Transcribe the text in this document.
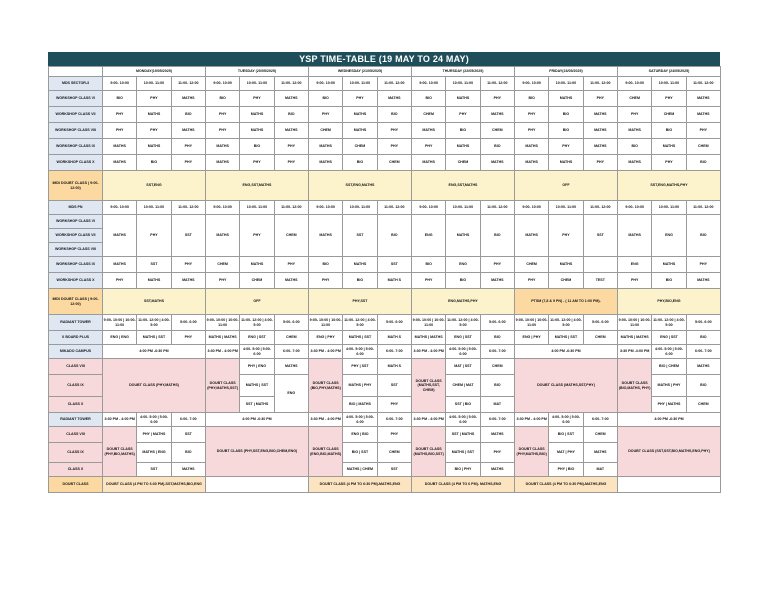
YSP TIME-TABLE (19 MAY TO 24 MAY)
	MONDAY(19/05/2025)			TUESDAY (20/05/2025)			WEDNESDAY (21/05/2025)			THURSDAY (22/05/2025)			FRIDAY(23/05/2025)			SATURDAY (24/05/2025)		
MDS SECTOR-3	9:00- 10:00	10:00- 11:00	11:00- 12:00	9:00- 10:00	10:00- 11:00	11:00- 12:00	9:00- 10:00	10:00- 11:00	11:00- 12:00	9:00- 10:00	10:00- 11:00	11:00- 12:00	9:00- 10:00	10:00- 11:00	11:00- 12:00	9:00- 10:00	10:00- 11:00	11:00- 12:00
WORKSHOP CLASS VI	BIO	PHY	MATHS	BIO	PHY	MATHS	BIO	PHY	MATHS	BIO	MATHS	PHY	BIO	MATHS	PHY	CHEM	PHY	MATHS
WORKSHOP CLASS VII	PHY	MATHS	BIO	PHY	MATHS	BIO	PHY	MATHS	BIO	CHEM	PHY	MATHS	PHY	BIO	MATHS	PHY	CHEM	MATHS
WORKSHOP CLASS VIII	PHY	PHY	MATHS	PHY	MATHS	MATHS	CHEM	MATHS	PHY	MATHS	BIO	CHEM	PHY	BIO	MATHS	MATHS	BIO	PHY
WORKSHOP CLASS IX	MATHS	MATHS	PHY	MATHS	BIO	PHY	MATHS	CHEM	PHY	PHY	MATHS	BIO	MATHS	PHY	MATHS	BIO	MATHS	CHEM
WORKSHOP CLASS X	MATHS	BIO	PHY	MATHS	PHY	PHY	MATHS	BIO	CHEM	MATHS	CHEM	MATHS	MATHS	MATHS	PHY	MATHS	PHY	BIO
IMDI DOUBT CLASS ( 9:00- 12:00)	SST,ENG			ENG,SST,MATHS			SST,ENG,MATHS			ENG,SST,MATHS			OFF			SST,ENG,MATHS,PHY		
MDS PN	9:00- 10:00	10:00- 11:00	11:00- 12:00	9:00- 10:00	10:00- 11:00	11:00- 12:00	9:00- 10:00	10:00- 11:00	11:00- 12:00	9:00- 10:00	10:00- 11:00	11:00- 12:00	9:00- 10:00	10:00- 11:00	11:00- 12:00	9:00- 10:00	10:00- 11:00	11:00- 12:00
WORKSHOP CLASS VI	MATHS	PHY	SST	MATHS	PHY	CHEM	MATHS	SST	BIO	ENG	MATHS	BIO	MATHS	PHY	SST	MATHS	ENG	BIO
WORKSHOP CLASS VII																		
WORKSHOP CLASS VIII																		
WORKSHOP CLASS IX	MATHS	SST	PHY	CHEM	MATHS	PHY	BIO	MATHS	SST	BIO	ENG	PHY	CHEM	MATHS		ENG	MATHS	PHY
WORKSHOP CLASS X	PHY	MATHS	MATHS	PHY	CHEM	MATHS	PHY	BIO	MATH S	PHY	BIO	MATHS	PHY	CHEM	TEST	PHY	BIO	MATHS
IMDI DOUBT CLASS ( 9:00- 12:00)	SST,MATHS			OFF			PHY,SST			ENG,MATHS,PHY			PTSM (7,8 & 9 PN) - ( 11 AM TO 1:00 PM)-			PHY,BIO,ENG		
RADIANT TOWER	9:00- 10:00 | 10:00- 11:00	11:00- 12:00 | 4:00- 5:00	5:00- 6:00	9:00- 10:00 | 10:00- 11:00	11:00- 12:00 | 4:00- 5:00	5:00- 6:00	9:00- 10:00 | 10:00- 11:00	11:00- 12:00 | 4:00- 5:00	5:00- 6:00	9:00- 10:00 | 10:00- 11:00	11:00- 12:00 | 4:00- 5:00	5:00- 6:00	9:00- 10:00 | 10:00- 11:00	11:00- 12:00 | 4:00- 5:00	5:00- 6:00	9:00- 10:00 | 10:00- 11:00	11:00- 12:00 | 4:00- 5:00	5:00- 6:00
X BOARD PLUS	ENG | ENG	MATHS | SST	PHY	MATHS | MATHS	ENG | SST	CHEM	ENG | PHY	MATHS | SST	MATH S	MATHS | MATHS	ENG | SST	BIO	ENG | PHY	MATHS | SST	CHEM	MATHS | MATHS	ENG | SST	BIO
MIKADO CAMPUS	4:00 PM -6:30 PM			3:30 PM - 4:00 PM	4:00- 5:00 | 5:00- 6:00	6:00- 7:00	3:30 PM - 4:00 PM	4:00- 5:00 | 5:00- 6:00	6:00- 7:00	3:30 PM - 4:00 PM	4:00- 5:00 | 5:00- 6:00	6:00- 7:00	4:00 PM -6:30 PM			3:30 PM -4:00 PM	4:00- 5:00 | 5:00- 6:00	6:00- 7:00
CLASS VIII	DOUBT CLASS (PHY,MATHS)			DOUBT CLASS (PHY,MATHS,SST)	PHY | ENG	MATHS	DOUBT CLASS (BIO,PHY,MATHS)	PHY | SST	MATH S	DOUBT CLASS (MATHS,SST, CHEM)	MAT | SST	CHEM	DOUBT CLASS (MATHS,SST,PHY)			DOUBT CLASS (BIO,MATHS, PHY)	BIO | CHEM	MATHS
CLASS IX					MATHS | SST	ENG		MATHS | PHY	SST		CHEM | MAT	BIO					MATHS | PHY	BIO
CLASS X					SST | MATHS			BIO | MATHS	PHY		SST | BIO	MAT					PHY | MATHS	CHEM
RADIANT TOWER	3:30 PM - 4:00 PM	4:00- 5:00 | 5:00- 6:00	6:00- 7:00	4:00 PM -6:30 PM			3:30 PM - 4:00 PM	4:00- 5:00 | 5:00- 6:00	6:00- 7:00	3:30 PM - 4:00 PM	4:00- 5:00 | 5:00- 6:00	6:00- 7:00	3:30 PM - 4:00 PM	4:00- 5:00 | 5:00- 6:00	6:00- 7:00	4:00 PM -6:30 PM		
CLASS VIII	DOUBT CLASS (PHY,BIO,MATHS)	PHY | MATHS	SST	DOUBT CLASS (PHY,SST,ENG,BIO,CHEM,ENG)			DOUBT CLASS (ENG,BIO,MATHS)	ENG | BIO	PHY	DOUBT CLASS (MATHS,BIO,SST)	SST | MATHS	MATHS	DOUBT CLASS (PHY,MATHS,BIO)	BIO | SST	CHEM	DOUBT CLASS (SST,SST,BIO,MATHS,ENG,PHY)		
CLASS IX		MATHS | ENG	BIO					BIO | SST	CHEM		MATHS | SST	PHY		MAT | PHY	MATHS			
CLASS X		SST	MATHS					MATHS | CHEM	SST		BIO | PHY	MATHS		PHY | BIO	MAT			
DOUBT CLASS	DOUBT CLASS (4 PM TO 6:30 PM)-SST,MATHS,BIO,ENG						DOUBT CLASS (4 PM TO 6:30 PM)-MATHS,ENG			DOUBT CLASS (4 PM TO 6 PM)- MATHS,ENG			DOUBT CLASS (4 PM TO 6:30 PM)-MATHS,ENG					
